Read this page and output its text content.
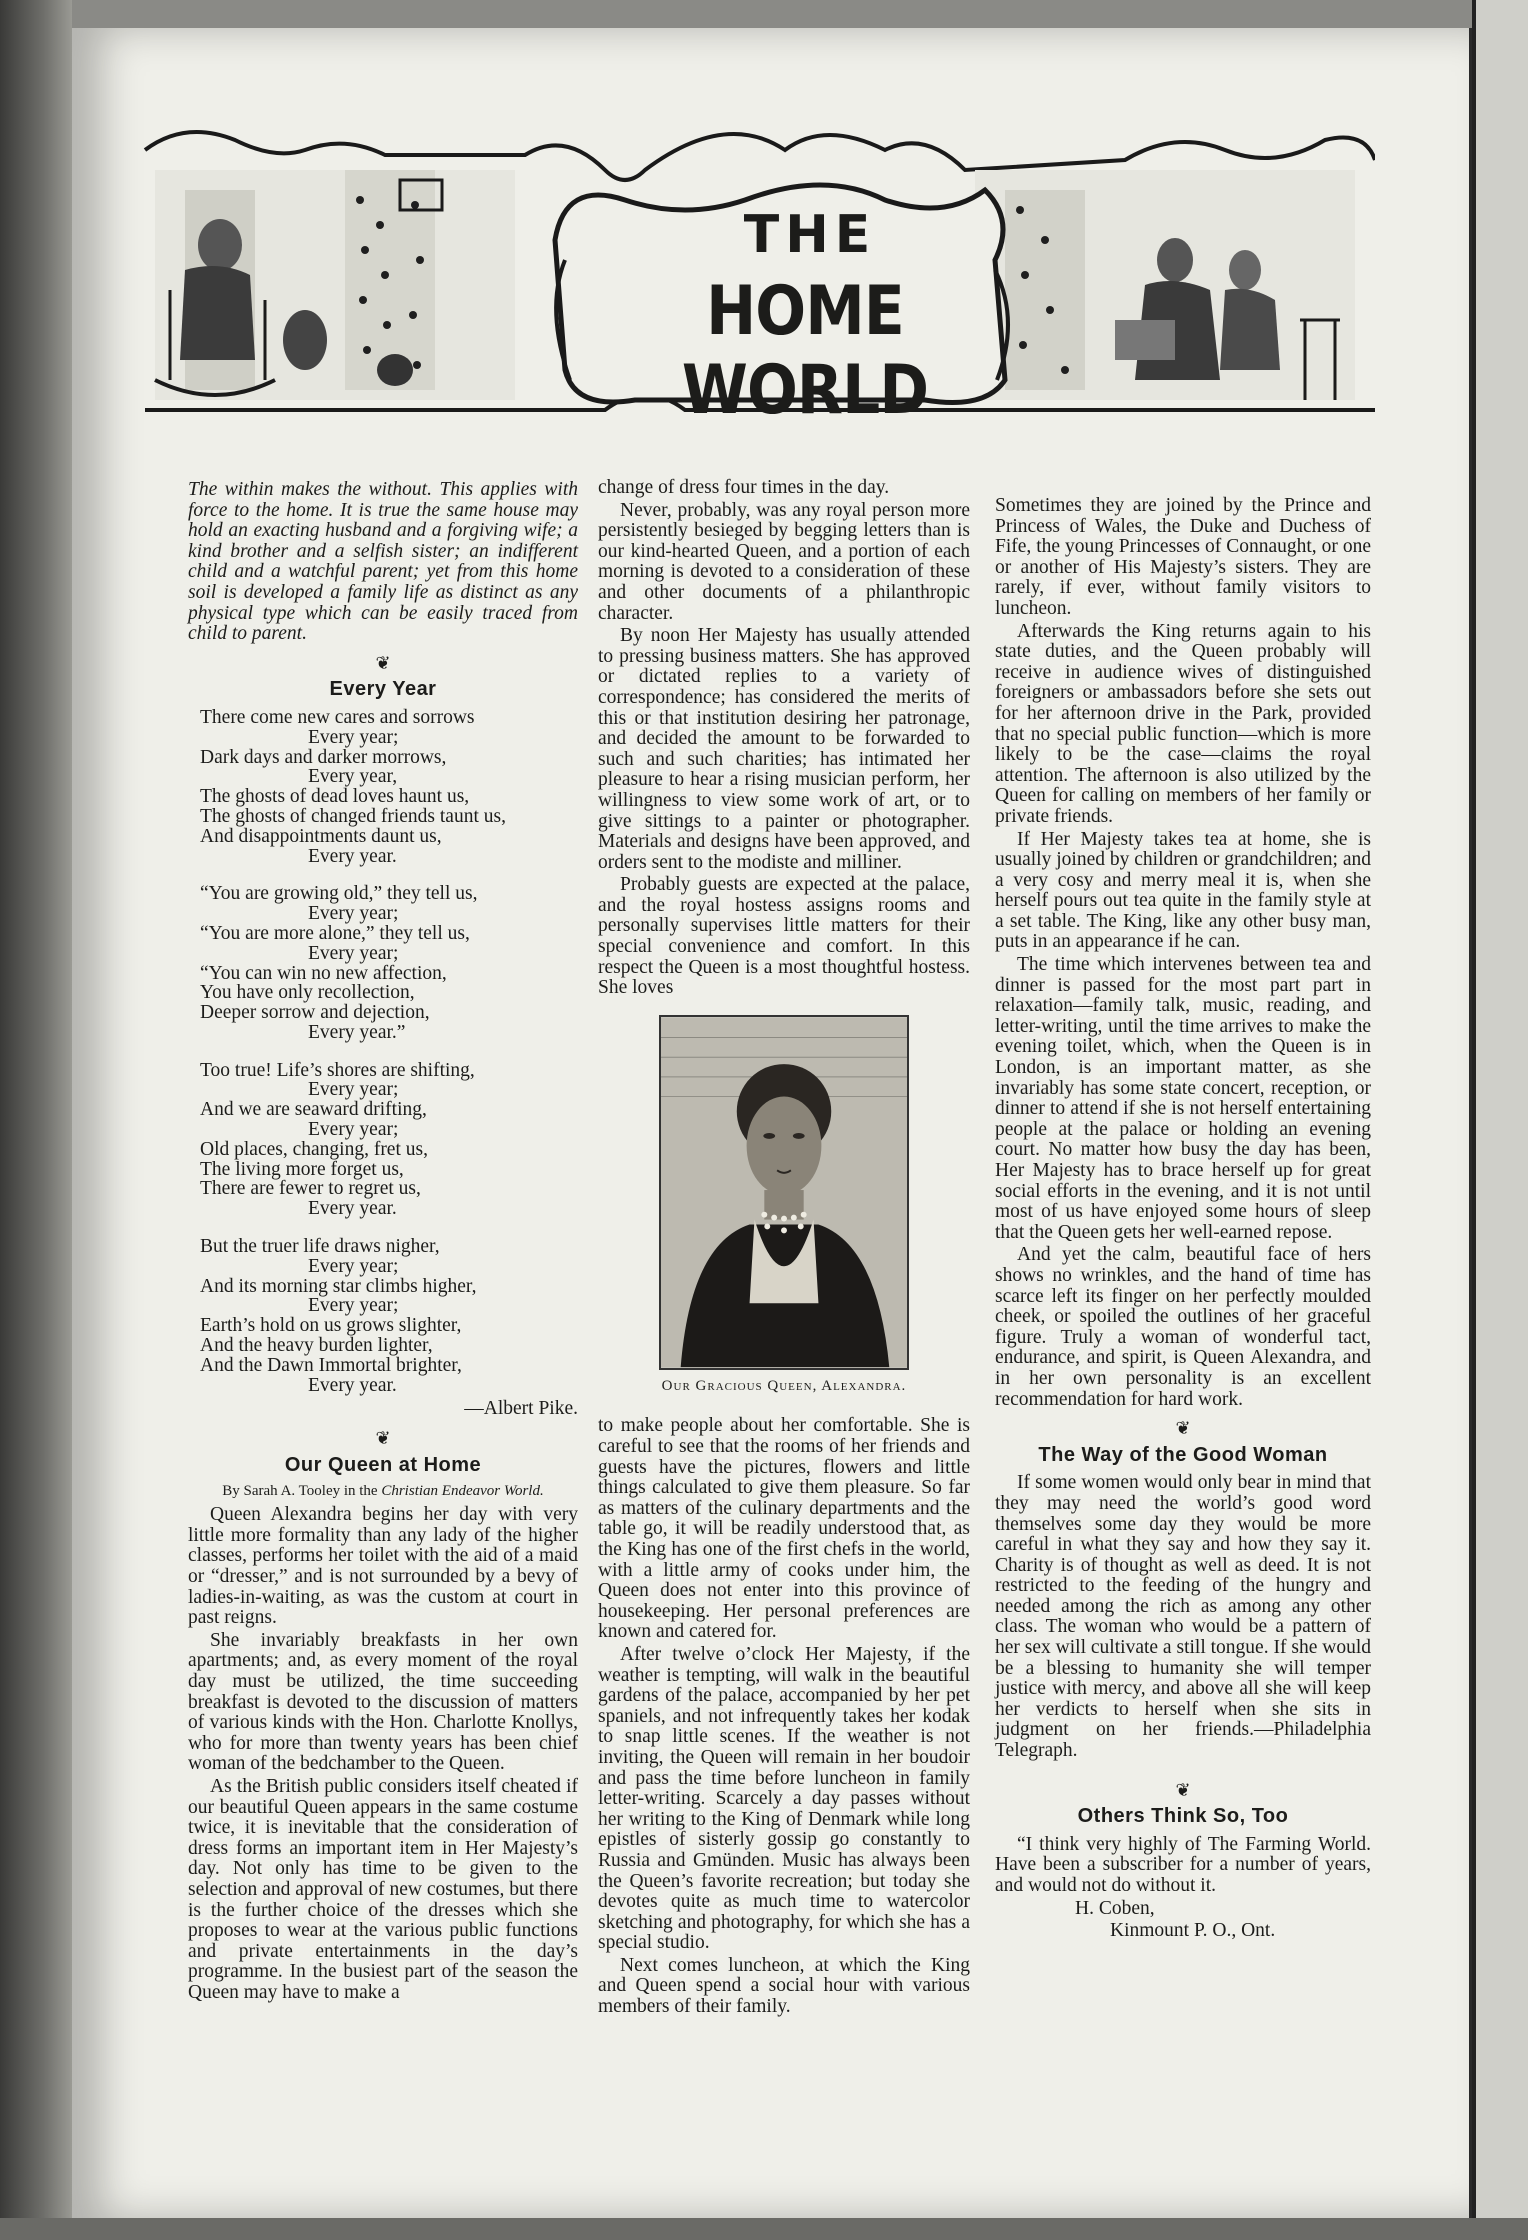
THE
HOME WORLD

The within makes the without. This applies with force to the home. It is true the same house may hold an exacting husband and a forgiving wife; a kind brother and a selfish sister; an indifferent child and a watchful parent; yet from this home soil is developed a family life as distinct as any physical type which can be easily traced from child to parent.

❦
Every Year
There come new cares and sorrows
Every year;
Dark days and darker morrows,
Every year,
The ghosts of dead loves haunt us,
The ghosts of changed friends taunt us,
And disappointments daunt us,
Every year.
“You are growing old,” they tell us,
Every year;
“You are more alone,” they tell us,
Every year;
“You can win no new affection,
You have only recollection,
Deeper sorrow and dejection,
Every year.”
Too true! Life’s shores are shifting,
Every year;
And we are seaward drifting,
Every year;
Old places, changing, fret us,
The living more forget us,
There are fewer to regret us,
Every year.
But the truer life draws nigher,
Every year;
And its morning star climbs higher,
Every year;
Earth’s hold on us grows slighter,
And the heavy burden lighter,
And the Dawn Immortal brighter,
Every year.
—Albert Pike.
❦
Our Queen at Home
By Sarah A. Tooley in the Christian Endeavor World.

Queen Alexandra begins her day with very little more formality than any lady of the higher classes, performs her toilet with the aid of a maid or “dresser,” and is not surrounded by a bevy of ladies-in-waiting, as was the custom at court in past reigns.

She invariably breakfasts in her own apartments; and, as every moment of the royal day must be utilized, the time succeeding breakfast is devoted to the discussion of matters of various kinds with the Hon. Charlotte Knollys, who for more than twenty years has been chief woman of the bedchamber to the Queen.

As the British public considers itself cheated if our beautiful Queen appears in the same costume twice, it is inevitable that the consideration of dress forms an important item in Her Majesty’s day. Not only has time to be given to the selection and approval of new costumes, but there is the further choice of the dresses which she proposes to wear at the various public functions and private entertainments in the day’s programme. In the busiest part of the season the Queen may have to make a

change of dress four times in the day.

Never, probably, was any royal person more persistently besieged by begging letters than is our kind-hearted Queen, and a portion of each morning is devoted to a consideration of these and other documents of a philanthropic character.

By noon Her Majesty has usually attended to pressing business matters. She has approved or dictated replies to a variety of correspondence; has considered the merits of this or that institution desiring her patronage, and decided the amount to be forwarded to such and such charities; has intimated her pleasure to hear a rising musician perform, her willingness to view some work of art, or to give sittings to a painter or photographer. Materials and designs have been approved, and orders sent to the modiste and milliner.

Probably guests are expected at the palace, and the royal hostess assigns rooms and personally supervises little matters for their special convenience and comfort. In this respect the Queen is a most thoughtful hostess. She loves

Our Gracious Queen, Alexandra.

to make people about her comfortable. She is careful to see that the rooms of her friends and guests have the pictures, flowers and little things calculated to give them pleasure. So far as matters of the culinary departments and the table go, it will be readily understood that, as the King has one of the first chefs in the world, with a little army of cooks under him, the Queen does not enter into this province of housekeeping. Her personal preferences are known and catered for.

After twelve o’clock Her Majesty, if the weather is tempting, will walk in the beautiful gardens of the palace, accompanied by her pet spaniels, and not infrequently takes her kodak to snap little scenes. If the weather is not inviting, the Queen will remain in her boudoir and pass the time before luncheon in family letter-writing. Scarcely a day passes without her writing to the King of Denmark while long epistles of sisterly gossip go constantly to Russia and Gmünden. Music has always been the Queen’s favorite recreation; but today she devotes quite as much time to watercolor sketching and photography, for which she has a special studio.

Next comes luncheon, at which the King and Queen spend a social hour with various members of their family.

Sometimes they are joined by the Prince and Princess of Wales, the Duke and Duchess of Fife, the young Princesses of Connaught, or one or another of His Majesty’s sisters. They are rarely, if ever, without family visitors to luncheon.

Afterwards the King returns again to his state duties, and the Queen probably will receive in audience wives of distinguished foreigners or ambassadors before she sets out for her afternoon drive in the Park, provided that no special public function—which is more likely to be the case—claims the royal attention. The afternoon is also utilized by the Queen for calling on members of her family or private friends.

If Her Majesty takes tea at home, she is usually joined by children or grandchildren; and a very cosy and merry meal it is, when she herself pours out tea quite in the family style at a set table. The King, like any other busy man, puts in an appearance if he can.

The time which intervenes between tea and dinner is passed for the most part part in relaxation—family talk, music, reading, and letter-writing, until the time arrives to make the evening toilet, which, when the Queen is in London, is an important matter, as she invariably has some state concert, reception, or dinner to attend if she is not herself entertaining people at the palace or holding an evening court. No matter how busy the day has been, Her Majesty has to brace herself up for great social efforts in the evening, and it is not until most of us have enjoyed some hours of sleep that the Queen gets her well-earned repose.

And yet the calm, beautiful face of hers shows no wrinkles, and the hand of time has scarce left its finger on her perfectly moulded cheek, or spoiled the outlines of her graceful figure. Truly a woman of wonderful tact, endurance, and spirit, is Queen Alexandra, and in her own personality is an excellent recommendation for hard work.

❦
The Way of the Good Woman

If some women would only bear in mind that they may need the world’s good word themselves some day they would be more careful in what they say and how they say it. Charity is of thought as well as deed. It is not restricted to the feeding of the hungry and needed among the rich as among any other class. The woman who would be a pattern of her sex will cultivate a still tongue. If she would be a blessing to humanity she will temper justice with mercy, and above all she will keep her verdicts to herself when she sits in judgment on her friends.—Philadelphia Telegraph.

❦
Others Think So, Too

“I think very highly of The Farming World. Have been a subscriber for a number of years, and would not do without it.

H. Coben,

Kinmount P. O., Ont.
